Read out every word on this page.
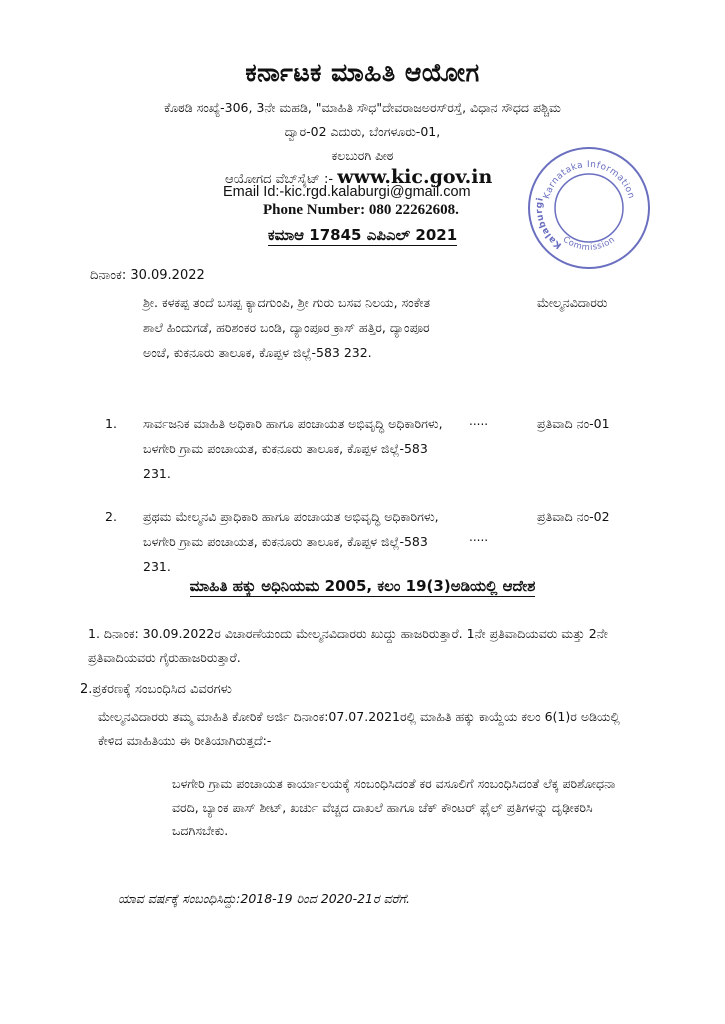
ಕರ್ನಾಟಕ ಮಾಹಿತಿ ಆಯೋಗ
ಕೊಠಡಿ ಸಂಖ್ಯೆ-306, 3ನೇ ಮಹಡಿ, "ಮಾಹಿತಿ ಸೌಧ"ದೇವರಾಜಅರಸ್‌ರಸ್ತೆ, ವಿಧಾನ ಸೌಧದ ಪಶ್ಚಿಮ
ದ್ವಾರ-02 ಎದುರು, ಬೆಂಗಳೂರು-01,
ಕಲಬುರಗಿ ಪೀಠ
ಆಯೋಗದ ವೆಬ್‌ಸೈಟ್ :- www.kic.gov.in
Email Id:-kic.rgd.kalaburgi@gmail.com
Phone Number: 080 22262608.
ಕಮಾಆ 17845 ಎಪಿಎಲ್ 2021
Karnataka Information
Kalaburgi
Commission
ದಿನಾಂಕ: 30.09.2022
ಶ್ರೀ. ಕಳಕಪ್ಪ ತಂದೆ ಬಸಪ್ಪ ಕ್ಯಾದಗುಂಪಿ, ಶ್ರೀ ಗುರು ಬಸವ ನಿಲಯ, ಸಂಕೇತ ಶಾಲೆ ಹಿಂದುಗಡೆ, ಹರಿಶಂಕರ ಬಂಡಿ, ದ್ಯಾಂಪೂರ ಕ್ರಾಸ್ ಹತ್ತಿರ, ದ್ಯಾಂಪೂರ ಅಂಚೆ, ಕುಕನೂರು ತಾಲೂಕ, ಕೊಪ್ಪಳ ಜಿಲ್ಲೆ-583 232.
ಮೇಲ್ಮನವಿದಾರರು
1. ಸಾರ್ವಜನಿಕ ಮಾಹಿತಿ ಅಧಿಕಾರಿ ಹಾಗೂ ಪಂಚಾಯತ ಅಭಿವೃದ್ಧಿ ಅಧಿಕಾರಿಗಳು, ಬಳಗೇರಿ ಗ್ರಾಮ ಪಂಚಾಯತ, ಕುಕನೂರು ತಾಲೂಕ, ಕೊಪ್ಪಳ ಜಿಲ್ಲೆ-583 231.
.....	ಪ್ರತಿವಾದಿ ನಂ-01
2. ಪ್ರಥಮ ಮೇಲ್ಮನವಿ ಪ್ರಾಧಿಕಾರಿ ಹಾಗೂ ಪಂಚಾಯತ ಅಭಿವೃದ್ಧಿ ಅಧಿಕಾರಿಗಳು, ಬಳಗೇರಿ ಗ್ರಾಮ ಪಂಚಾಯತ, ಕುಕನೂರು ತಾಲೂಕ, ಕೊಪ್ಪಳ ಜಿಲ್ಲೆ-583 231.
.....
ಪ್ರತಿವಾದಿ ನಂ-02
ಮಾಹಿತಿ ಹಕ್ಕು ಅಧಿನಿಯಮ 2005, ಕಲಂ 19(3)ಅಡಿಯಲ್ಲಿ ಆದೇಶ
1. ದಿನಾಂಕ: 30.09.2022ರ ವಿಚಾರಣೆಯಂದು ಮೇಲ್ಮನವಿದಾರರು ಖುದ್ದು ಹಾಜರಿರುತ್ತಾರೆ. 1ನೇ ಪ್ರತಿವಾದಿಯವರು ಮತ್ತು 2ನೇ ಪ್ರತಿವಾದಿಯವರು ಗೈರುಹಾಜರಿರುತ್ತಾರೆ.
2.ಪ್ರಕರಣಕ್ಕೆ ಸಂಬಂಧಿಸಿದ ವಿವರಗಳು
ಮೇಲ್ಮನವಿದಾರರು ತಮ್ಮ ಮಾಹಿತಿ ಕೋರಿಕೆ ಅರ್ಜಿ ದಿನಾಂಕ:07.07.2021ರಲ್ಲಿ ಮಾಹಿತಿ ಹಕ್ಕು ಕಾಯ್ದೆಯ ಕಲಂ 6(1)ರ ಅಡಿಯಲ್ಲಿ ಕೇಳಿದ ಮಾಹಿತಿಯು ಈ ರೀತಿಯಾಗಿರುತ್ತದೆ:-
ಬಳಗೇರಿ ಗ್ರಾಮ ಪಂಚಾಯತ ಕಾರ್ಯಾಲಯಕ್ಕೆ ಸಂಬಂಧಿಸಿದಂತೆ ಕರ ವಸೂಲಿಗೆ ಸಂಬಂಧಿಸಿದಂತೆ ಲೆಕ್ಕ ಪರಿಶೋಧನಾ ವರದಿ, ಬ್ಯಾಂಕ ಪಾಸ್ ಶೀಟ್, ಖರ್ಚು ವೆಚ್ಚದ ದಾಖಲೆ ಹಾಗೂ ಚೆಕ್ ಕೌಂಟರ್ ಫೈಲ್ ಪ್ರತಿಗಳನ್ನು ದೃಢೀಕರಿಸಿ ಒದಗಿಸಬೇಕು.
ಯಾವ ವರ್ಷಕ್ಕೆ ಸಂಬಂಧಿಸಿದ್ದು:2018-19 ರಿಂದ 2020-21ರ ವರೆಗೆ.
